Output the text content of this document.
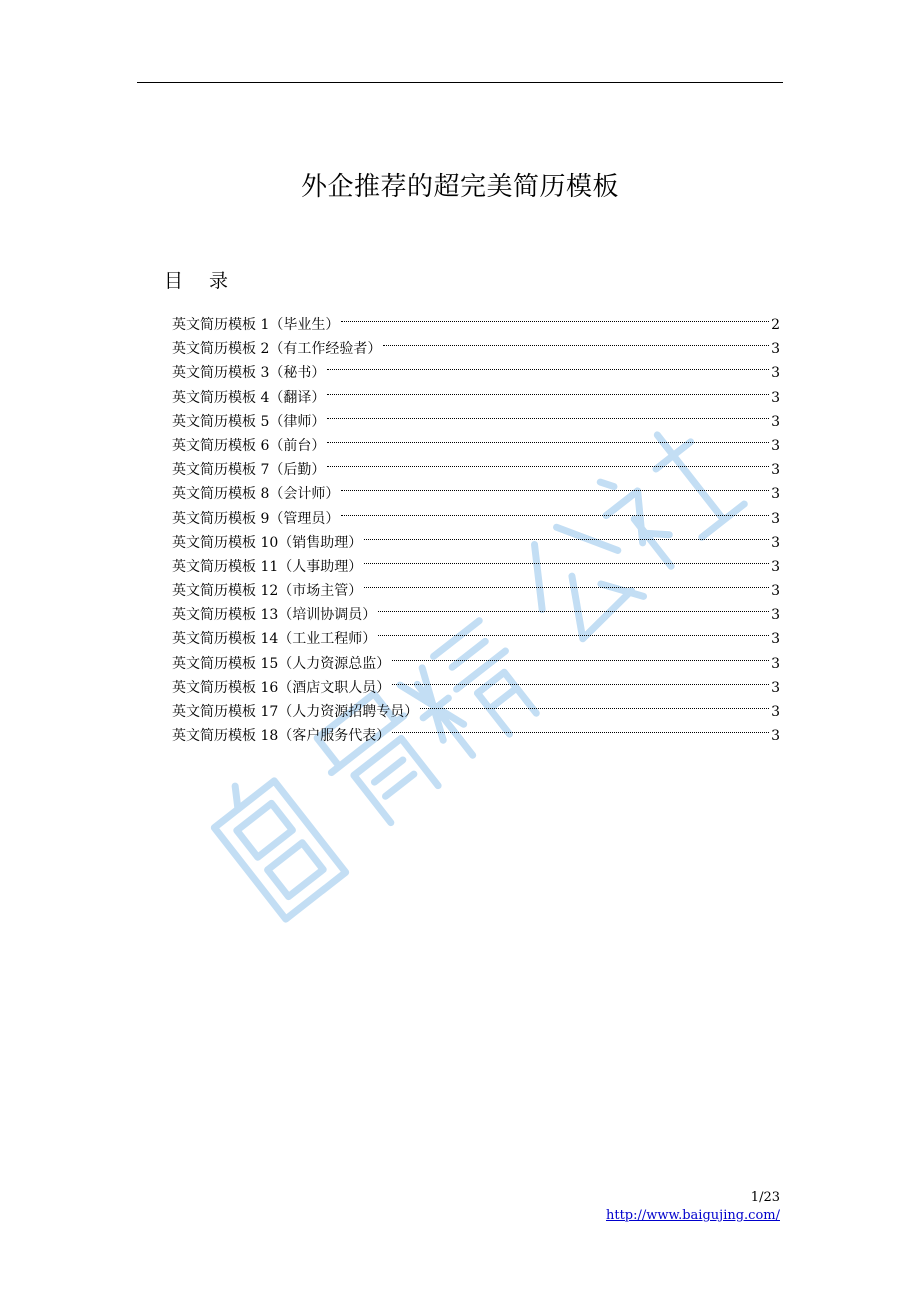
外企推荐的超完美简历模板
目 录
英文简历模板 1（毕业生）	2
英文简历模板 2（有工作经验者）	3
英文简历模板 3（秘书）	3
英文简历模板 4（翻译）	3
英文简历模板 5（律师）	3
英文简历模板 6（前台）	3
英文简历模板 7（后勤）	3
英文简历模板 8（会计师）	3
英文简历模板 9（管理员）	3
英文简历模板 10（销售助理）	3
英文简历模板 11（人事助理）	3
英文简历模板 12（市场主管）	3
英文简历模板 13（培训协调员）	3
英文简历模板 14（工业工程师）	3
英文简历模板 15（人力资源总监）	3
英文简历模板 16（酒店文职人员）	3
英文简历模板 17（人力资源招聘专员）	3
英文简历模板 18（客户服务代表）	3
1/23
http://www.baigujing.com/
